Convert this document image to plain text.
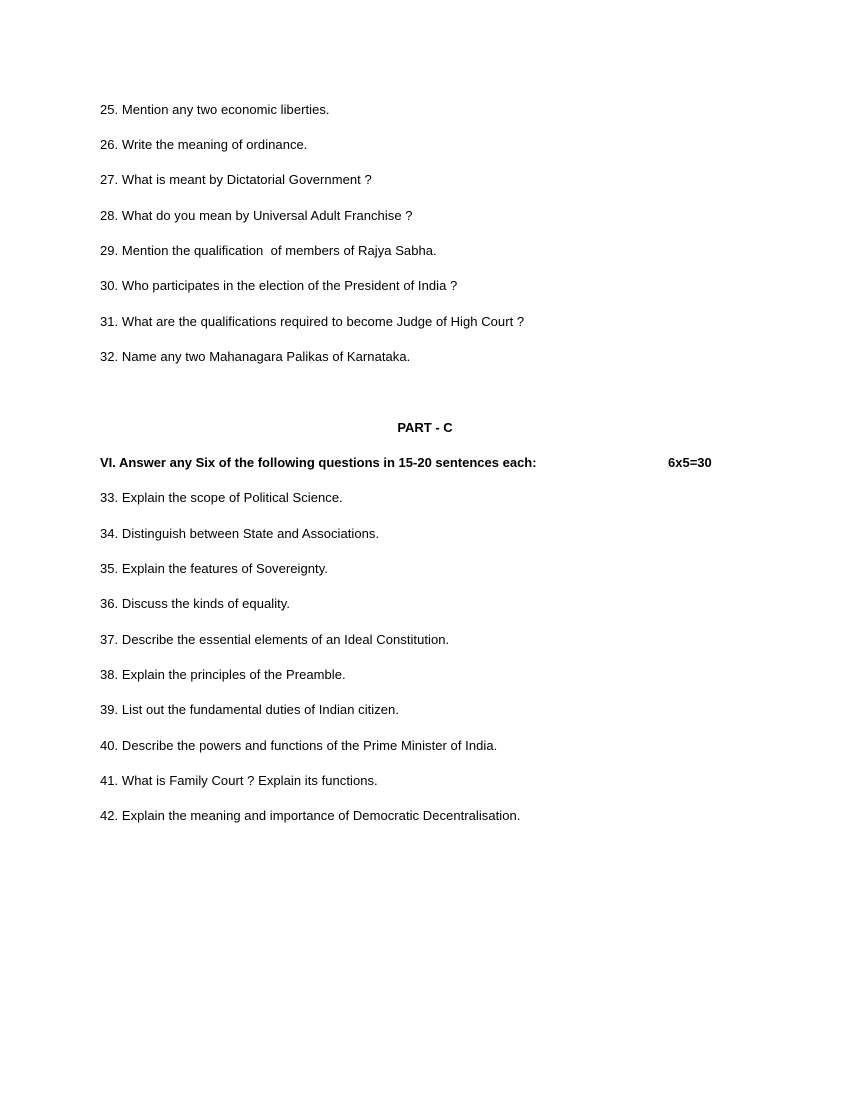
25. Mention any two economic liberties.
26. Write the meaning of ordinance.
27. What is meant by Dictatorial Government ?
28. What do you mean by Universal Adult Franchise ?
29. Mention the qualification  of members of Rajya Sabha.
30. Who participates in the election of the President of India ?
31. What are the qualifications required to become Judge of High Court ?
32. Name any two Mahanagara Palikas of Karnataka.
PART - C
VI. Answer any Six of the following questions in 15-20 sentences each:	6x5=30
33. Explain the scope of Political Science.
34. Distinguish between State and Associations.
35. Explain the features of Sovereignty.
36. Discuss the kinds of equality.
37. Describe the essential elements of an Ideal Constitution.
38. Explain the principles of the Preamble.
39. List out the fundamental duties of Indian citizen.
40. Describe the powers and functions of the Prime Minister of India.
41. What is Family Court ? Explain its functions.
42. Explain the meaning and importance of Democratic Decentralisation.
